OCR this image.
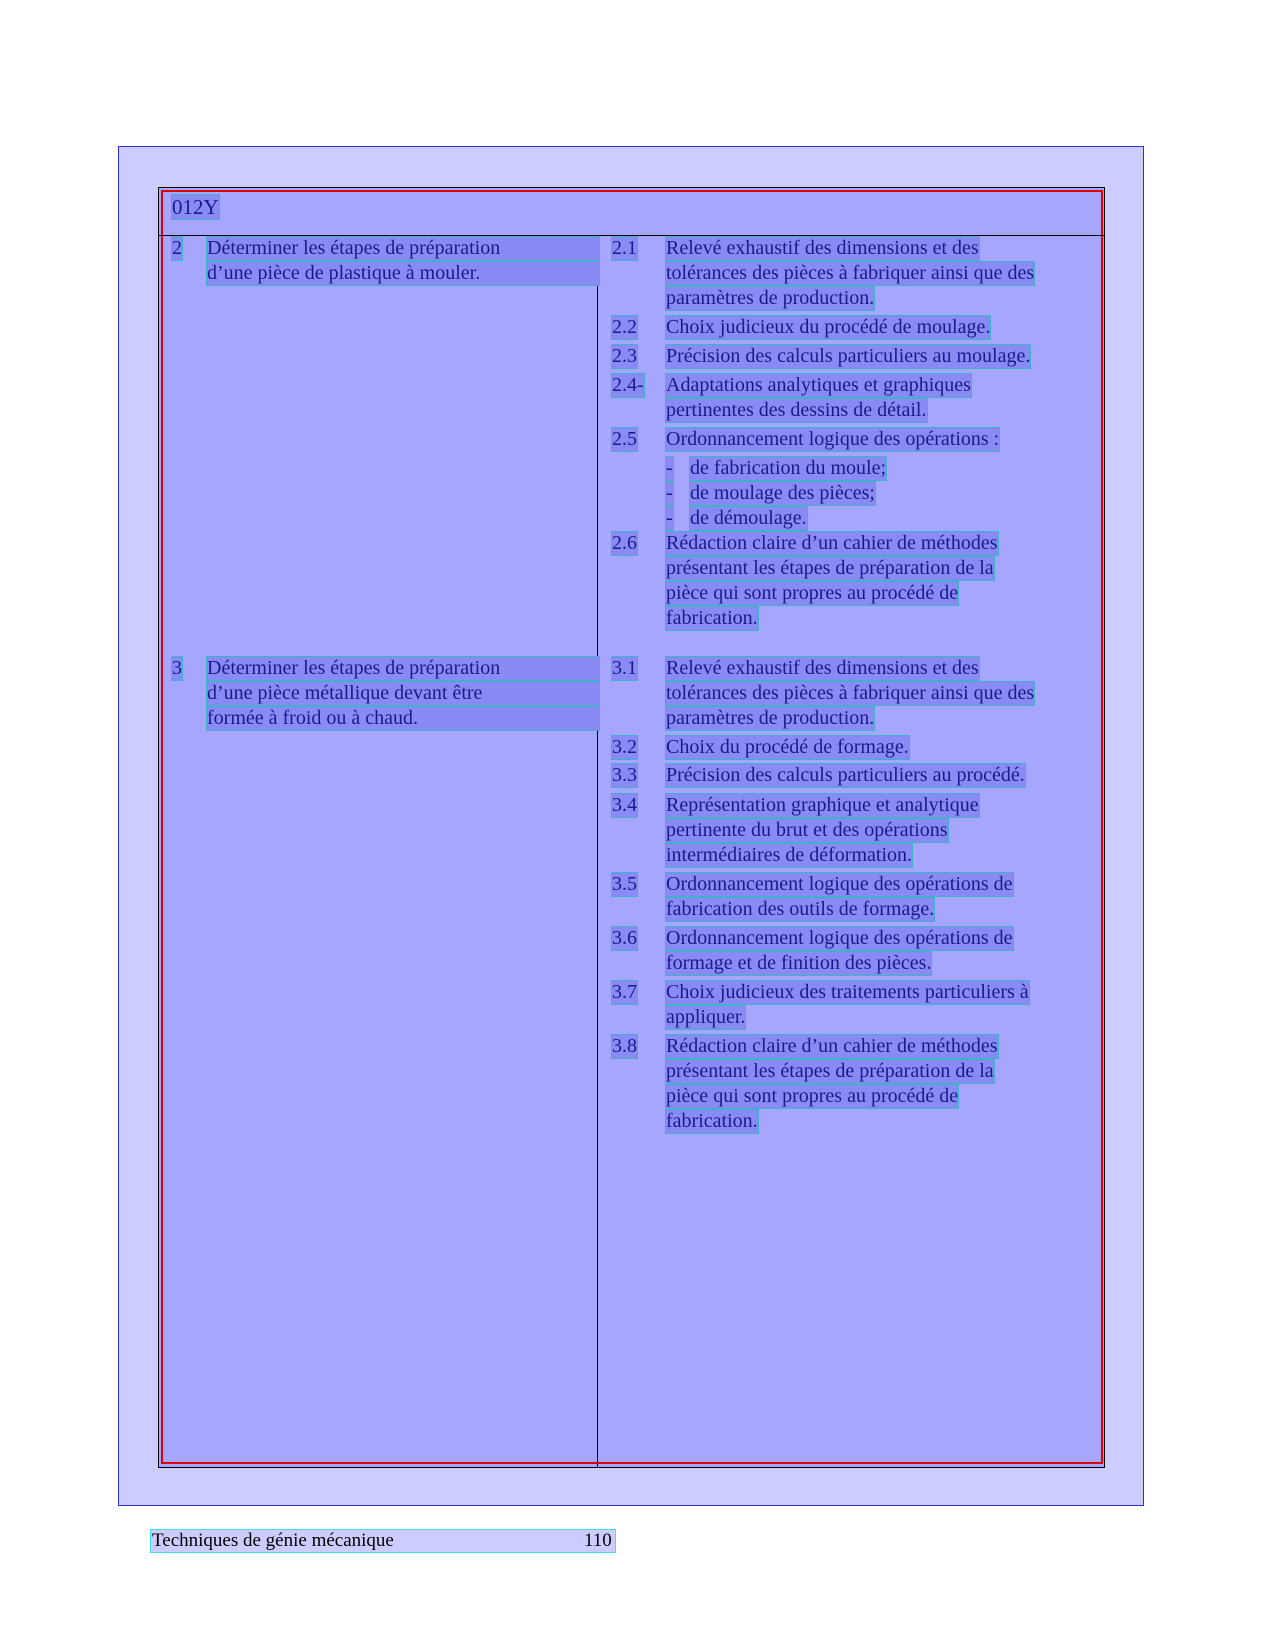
012Y
2 Déterminer les étapes de préparation
d’une pièce de plastique à mouler.
2.1 Relevé exhaustif des dimensions et des
tolérances des pièces à fabriquer ainsi que des
paramètres de production.
2.2 Choix judicieux du procédé de moulage.
2.3 Précision des calculs particuliers au moulage.
2.4- Adaptations analytiques et graphiques
pertinentes des dessins de détail.
2.5 Ordonnancement logique des opérations :
- de fabrication du moule;
- de moulage des pièces;
- de démoulage.
2.6 Rédaction claire d’un cahier de méthodes
présentant les étapes de préparation de la
pièce qui sont propres au procédé de
fabrication.
3 Déterminer les étapes de préparation
d’une pièce métallique devant être
formée à froid ou à chaud.
3.1 Relevé exhaustif des dimensions et des
tolérances des pièces à fabriquer ainsi que des
paramètres de production.
3.2 Choix du procédé de formage.
3.3 Précision des calculs particuliers au procédé.
3.4 Représentation graphique et analytique
pertinente du brut et des opérations
intermédiaires de déformation.
3.5 Ordonnancement logique des opérations de
fabrication des outils de formage.
3.6 Ordonnancement logique des opérations de
formage et de finition des pièces.
3.7 Choix judicieux des traitements particuliers à
appliquer.
3.8 Rédaction claire d’un cahier de méthodes
présentant les étapes de préparation de la
pièce qui sont propres au procédé de
fabrication.
Techniques de génie mécanique	110
